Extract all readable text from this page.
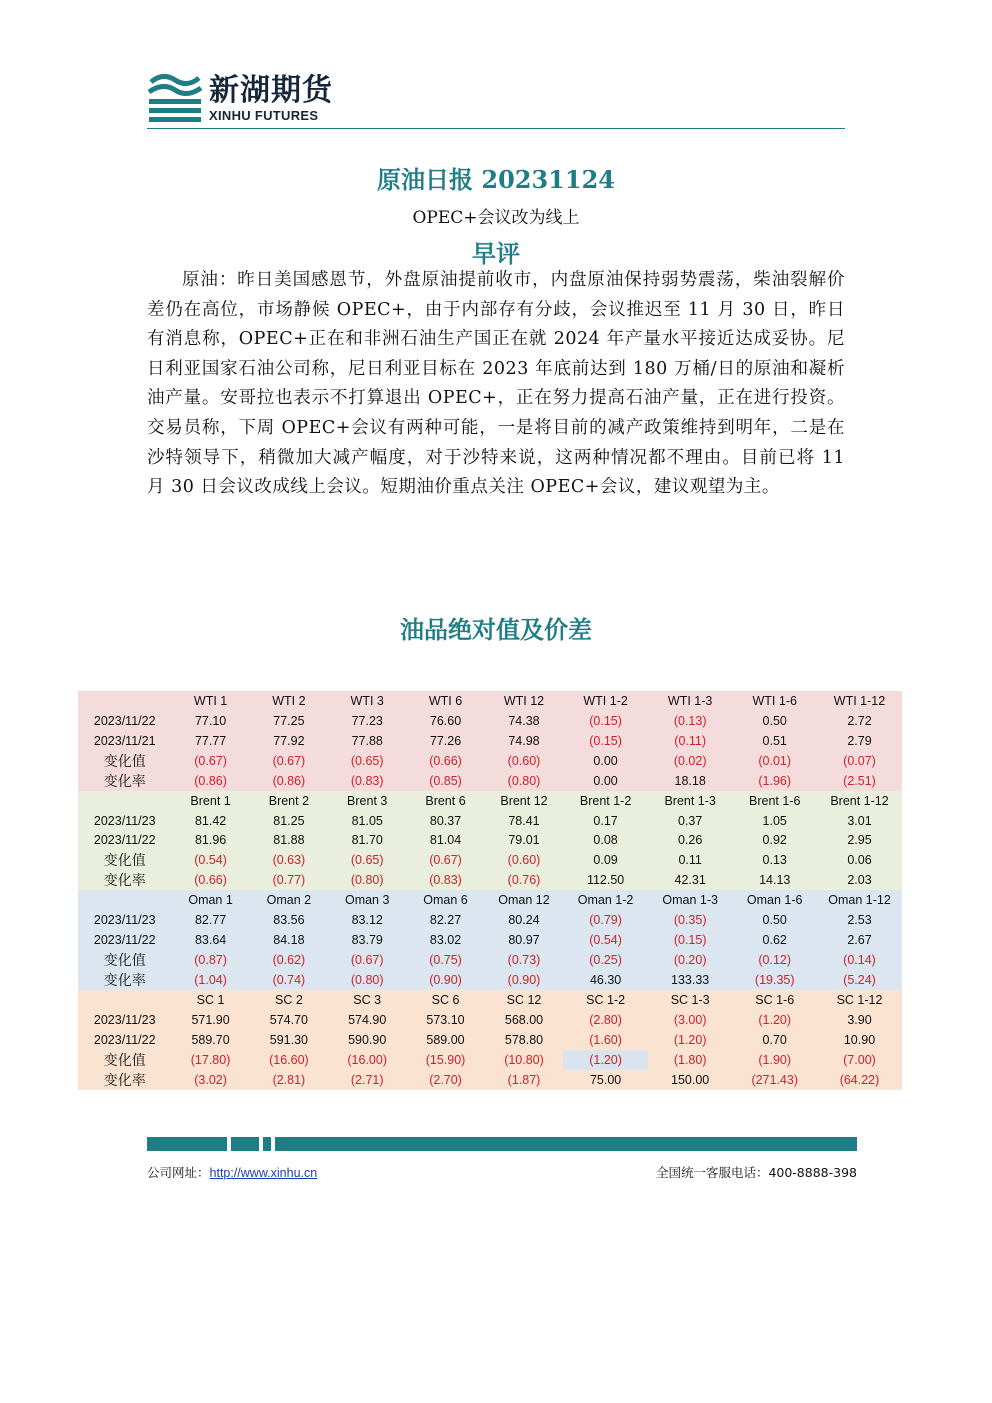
新湖期货
XINHU FUTURES
原油日报 20231124
OPEC+会议改为线上
早评
原油：昨日美国感恩节，外盘原油提前收市，内盘原油保持弱势震荡，柴油裂解价差仍在高位，市场静候 OPEC+，由于内部存有分歧，会议推迟至 11 月 30 日，昨日有消息称，OPEC+正在和非洲石油生产国正在就 2024 年产量水平接近达成妥协。尼日利亚国家石油公司称，尼日利亚目标在 2023 年底前达到 180 万桶/日的原油和凝析油产量。安哥拉也表示不打算退出 OPEC+，正在努力提高石油产量，正在进行投资。交易员称，下周 OPEC+会议有两种可能，一是将目前的减产政策维持到明年，二是在沙特领导下，稍微加大减产幅度，对于沙特来说，这两种情况都不理由。目前已将 11 月 30 日会议改成线上会议。短期油价重点关注 OPEC+会议，建议观望为主。
油品绝对值及价差
	WTI 1	WTI 2	WTI 3	WTI 6	WTI 12	WTI 1-2	WTI 1-3	WTI 1-6	WTI 1-12
2023/11/22	77.10	77.25	77.23	76.60	74.38	(0.15)	(0.13)	0.50	2.72
2023/11/21	77.77	77.92	77.88	77.26	74.98	(0.15)	(0.11)	0.51	2.79
变化值	(0.67)	(0.67)	(0.65)	(0.66)	(0.60)	0.00	(0.02)	(0.01)	(0.07)
变化率	(0.86)	(0.86)	(0.83)	(0.85)	(0.80)	0.00	18.18	(1.96)	(2.51)
	Brent 1	Brent 2	Brent 3	Brent 6	Brent 12	Brent 1-2	Brent 1-3	Brent 1-6	Brent 1-12
2023/11/23	81.42	81.25	81.05	80.37	78.41	0.17	0.37	1.05	3.01
2023/11/22	81.96	81.88	81.70	81.04	79.01	0.08	0.26	0.92	2.95
变化值	(0.54)	(0.63)	(0.65)	(0.67)	(0.60)	0.09	0.11	0.13	0.06
变化率	(0.66)	(0.77)	(0.80)	(0.83)	(0.76)	112.50	42.31	14.13	2.03
	Oman 1	Oman 2	Oman 3	Oman 6	Oman 12	Oman 1-2	Oman 1-3	Oman 1-6	Oman 1-12
2023/11/23	82.77	83.56	83.12	82.27	80.24	(0.79)	(0.35)	0.50	2.53
2023/11/22	83.64	84.18	83.79	83.02	80.97	(0.54)	(0.15)	0.62	2.67
变化值	(0.87)	(0.62)	(0.67)	(0.75)	(0.73)	(0.25)	(0.20)	(0.12)	(0.14)
变化率	(1.04)	(0.74)	(0.80)	(0.90)	(0.90)	46.30	133.33	(19.35)	(5.24)
	SC 1	SC 2	SC 3	SC 6	SC 12	SC 1-2	SC 1-3	SC 1-6	SC 1-12
2023/11/23	571.90	574.70	574.90	573.10	568.00	(2.80)	(3.00)	(1.20)	3.90
2023/11/22	589.70	591.30	590.90	589.00	578.80	(1.60)	(1.20)	0.70	10.90
变化值	(17.80)	(16.60)	(16.00)	(15.90)	(10.80)	(1.20)	(1.80)	(1.90)	(7.00)
变化率	(3.02)	(2.81)	(2.71)	(2.70)	(1.87)	75.00	150.00	(271.43)	(64.22)
公司网址：http://www.xinhu.cn	全国统一客服电话：400-8888-398
